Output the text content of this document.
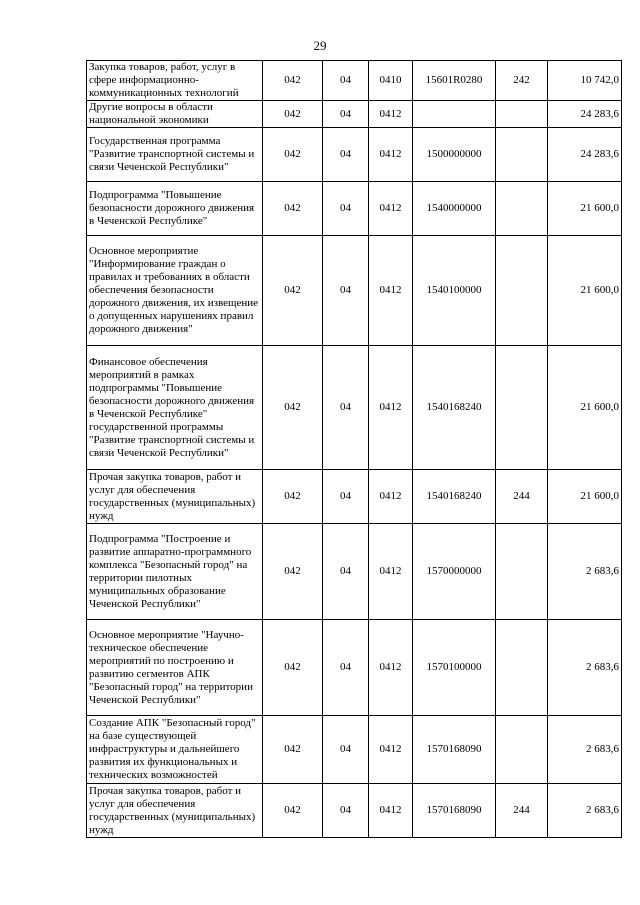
29
Закупка товаров, работ, услуг в сфере информационно-коммуникационных технологий	042	04	0410	15601R0280	242	10 742,0
Другие вопросы в области национальной экономики	042	04	0412			24 283,6
Государственная программа "Развитие транспортной системы и связи Чеченской Республики"	042	04	0412	1500000000		24 283,6
Подпрограмма "Повышение безопасности дорожного движения в Чеченской Республике"	042	04	0412	1540000000		21 600,0
Основное мероприятие "Информирование граждан о правилах и требованиях в области обеспечения безопасности дорожного движения, их извещение о допущенных нарушениях правил дорожного движения"	042	04	0412	1540100000		21 600,0
Финансовое обеспечения мероприятий в рамках подпрограммы "Повышение безопасности дорожного движения в Чеченской Республике" государственной программы "Развитие транспортной системы и связи Чеченской Республики"	042	04	0412	1540168240		21 600,0
Прочая закупка товаров, работ и услуг для обеспечения государственных (муниципальных) нужд	042	04	0412	1540168240	244	21 600,0
Подпрограмма "Построение и развитие аппаратно-программного комплекса "Безопасный город" на территории пилотных муниципальных образование Чеченской Республики"	042	04	0412	1570000000		2 683,6
Основное мероприятие "Научно-техническое обеспечение мероприятий по построению и развитию сегментов АПК "Безопасный город" на территории Чеченской Республики"	042	04	0412	1570100000		2 683,6
Создание АПК "Безопасный город" на базе существующей инфраструктуры и дальнейшего развития их функциональных и технических возможностей	042	04	0412	1570168090		2 683,6
Прочая закупка товаров, работ и услуг для обеспечения государственных (муниципальных) нужд	042	04	0412	1570168090	244	2 683,6
